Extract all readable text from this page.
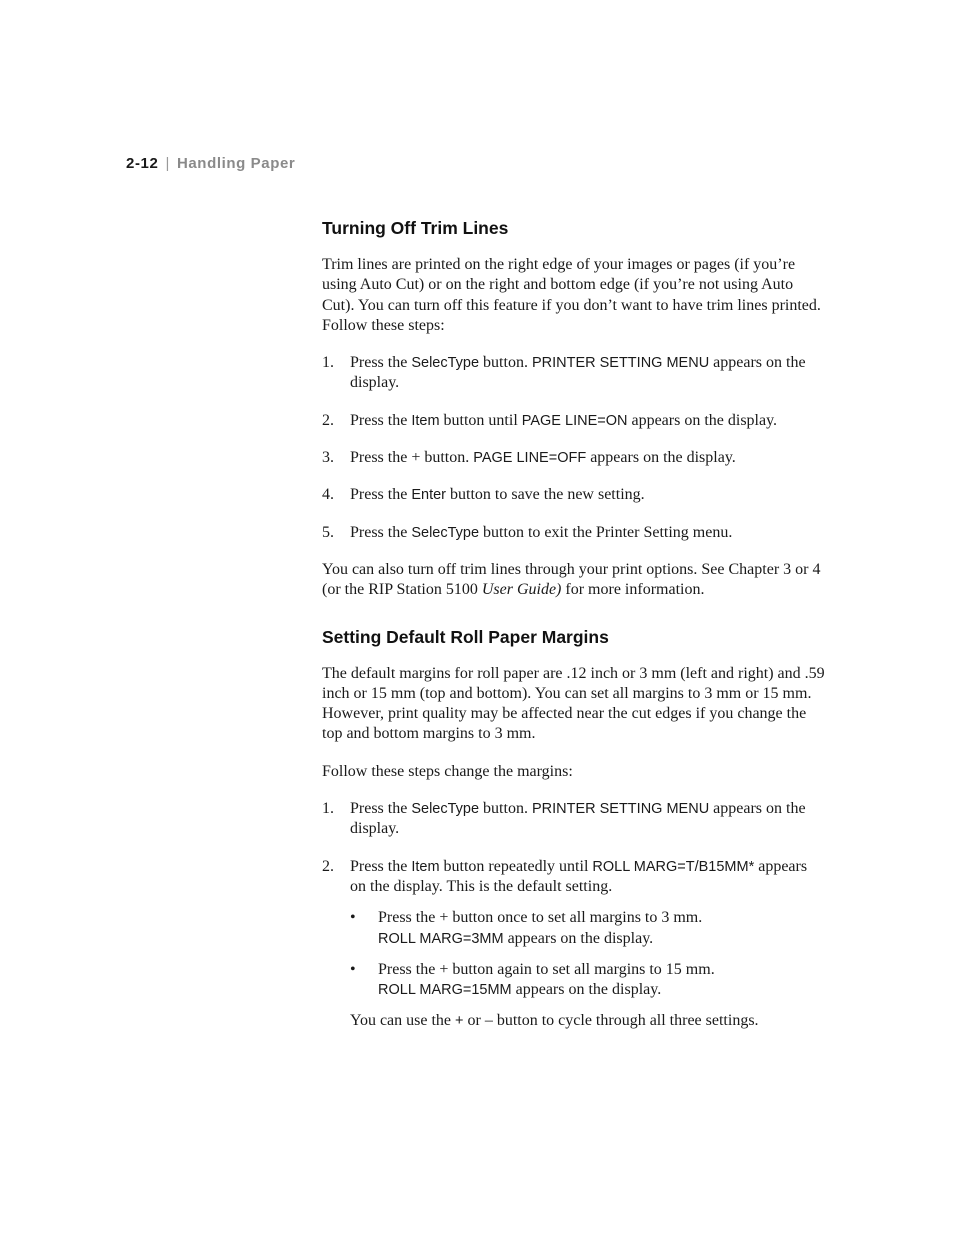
2-12 | Handling Paper
Turning Off Trim Lines

Trim lines are printed on the right edge of your images or pages (if you’re using Auto Cut) or on the right and bottom edge (if you’re not using Auto Cut). You can turn off this feature if you don’t want to have trim lines printed. Follow these steps:

1. Press the SelecType button. PRINTER SETTING MENU appears on the display.
2. Press the Item button until PAGE LINE=ON appears on the display.
3. Press the + button. PAGE LINE=OFF appears on the display.
4. Press the Enter button to save the new setting.
5. Press the SelecType button to exit the Printer Setting menu.

You can also turn off trim lines through your print options. See Chapter 3 or 4 (or the RIP Station 5100 User Guide) for more information.

Setting Default Roll Paper Margins

The default margins for roll paper are .12 inch or 3 mm (left and right) and .59 inch or 15 mm (top and bottom). You can set all margins to 3 mm or 15 mm. However, print quality may be affected near the cut edges if you change the top and bottom margins to 3 mm.

Follow these steps change the margins:

1. Press the SelecType button. PRINTER SETTING MENU appears on the display.
2. Press the Item button repeatedly until ROLL MARG=T/B15MM* appears on the display. This is the default setting.
• Press the + button once to set all margins to 3 mm.
ROLL MARG=3MM appears on the display.
• Press the + button again to set all margins to 15 mm.
ROLL MARG=15MM appears on the display.

You can use the + or – button to cycle through all three settings.
